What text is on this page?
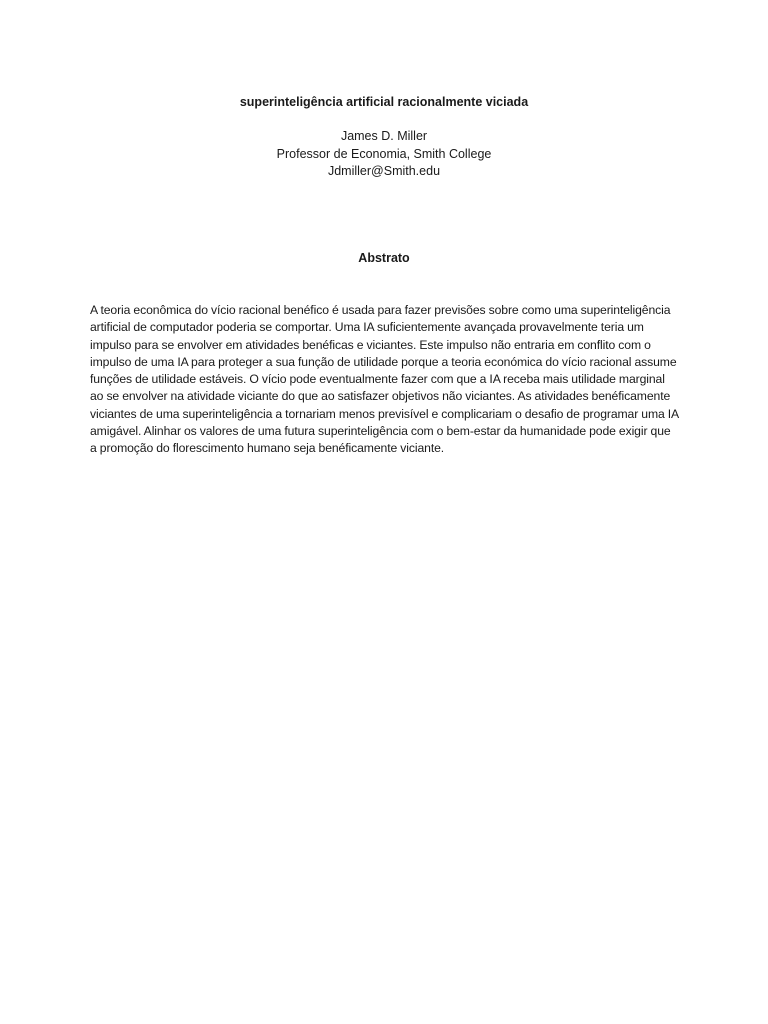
superinteligência artificial racionalmente viciada
James D. Miller
Professor de Economia, Smith College
Jdmiller@Smith.edu
Abstrato
A teoria econômica do vício racional benéfico é usada para fazer previsões sobre como uma superinteligência artificial de computador poderia se comportar. Uma IA suficientemente avançada provavelmente teria um impulso para se envolver em atividades benéficas e viciantes. Este impulso não entraria em conflito com o impulso de uma IA para proteger a sua função de utilidade porque a teoria económica do vício racional assume funções de utilidade estáveis. O vício pode eventualmente fazer com que a IA receba mais utilidade marginal ao se envolver na atividade viciante do que ao satisfazer objetivos não viciantes. As atividades benéficamente viciantes de uma superinteligência a tornariam menos previsível e complicariam o desafio de programar uma IA amigável. Alinhar os valores de uma futura superinteligência com o bem-estar da humanidade pode exigir que a promoção do florescimento humano seja benéficamente viciante.
